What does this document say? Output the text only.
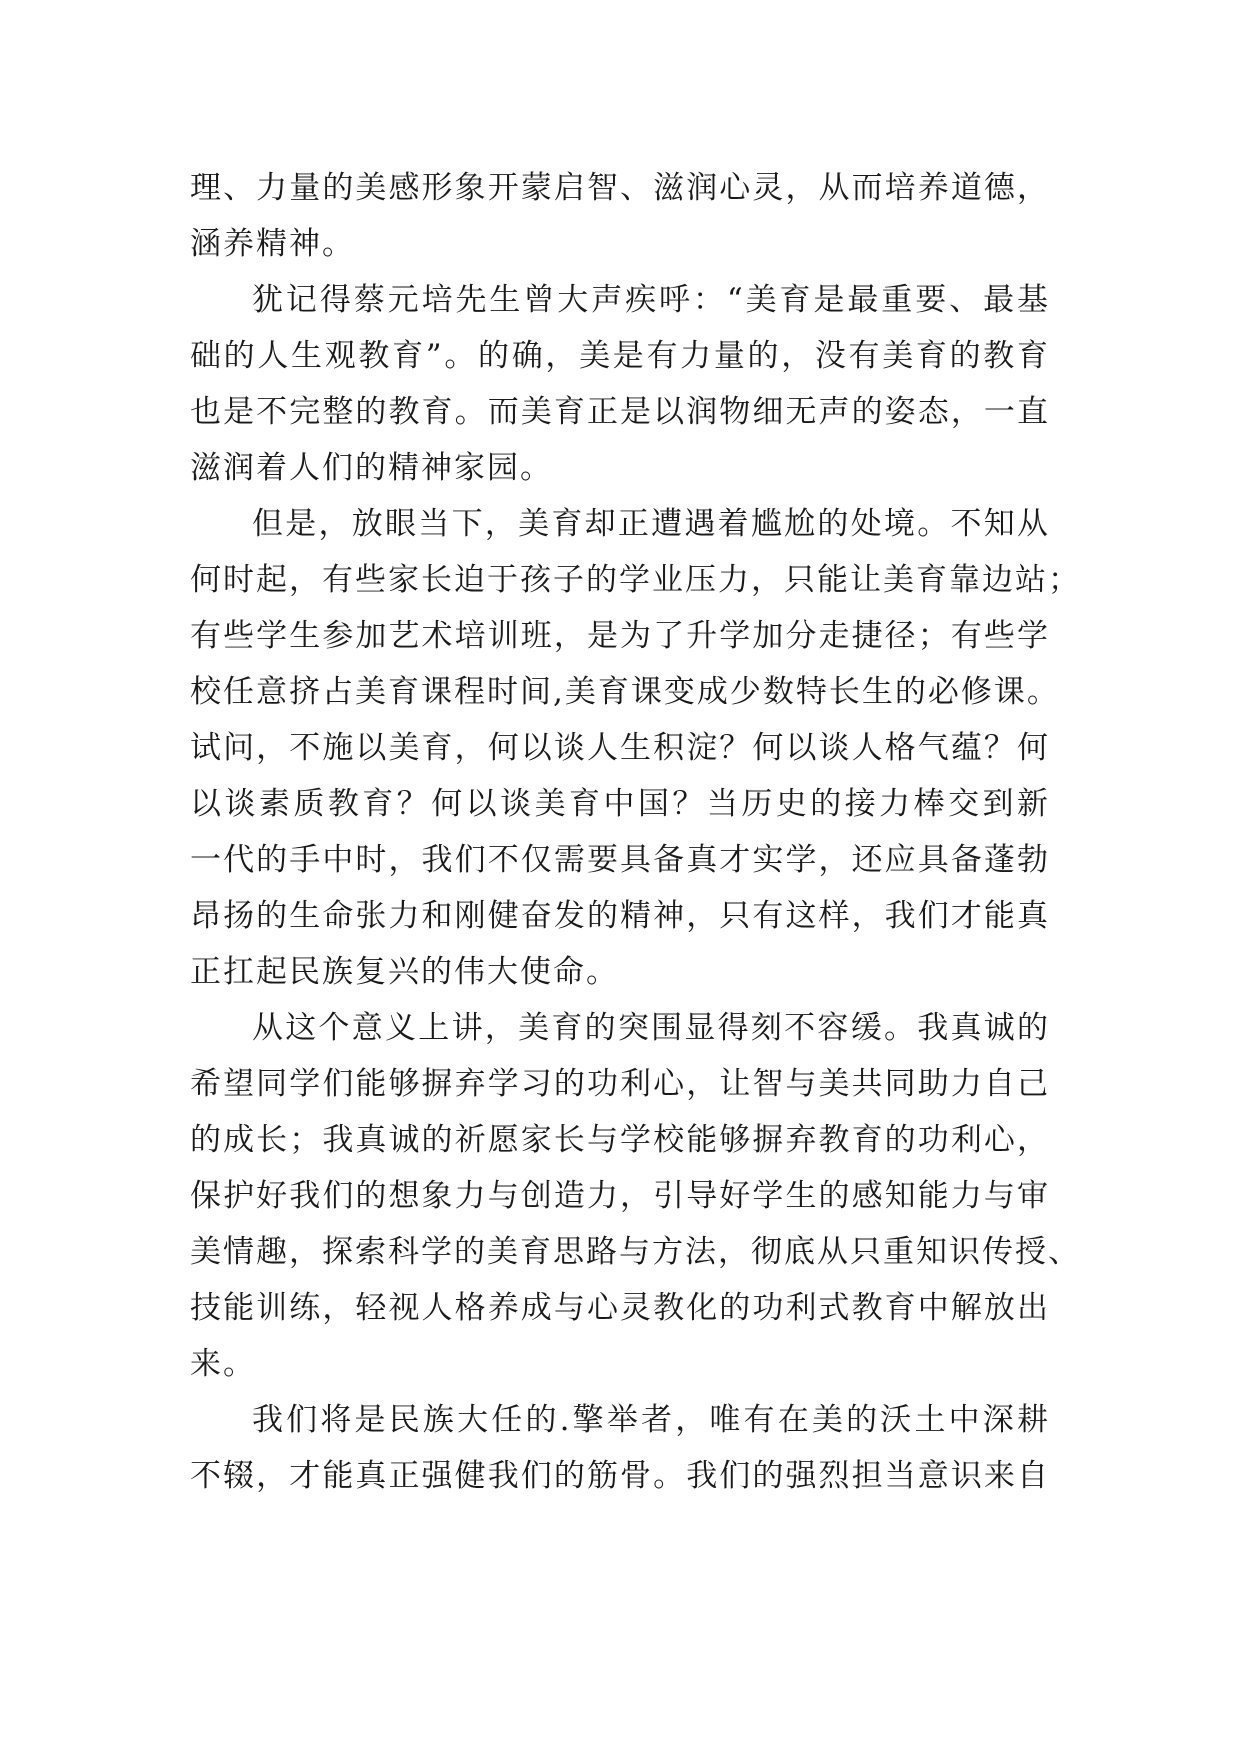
理、力量的美感形象开蒙启智、滋润心灵，从而培养道德，
涵养精神。
犹记得蔡元培先生曾大声疾呼：“美育是最重要、最基
础的人生观教育”。的确，美是有力量的，没有美育的教育
也是不完整的教育。而美育正是以润物细无声的姿态，一直
滋润着人们的精神家园。
但是，放眼当下，美育却正遭遇着尴尬的处境。不知从
何时起，有些家长迫于孩子的学业压力，只能让美育靠边站；
有些学生参加艺术培训班，是为了升学加分走捷径；有些学
校任意挤占美育课程时间,美育课变成少数特长生的必修课。
试问，不施以美育，何以谈人生积淀？何以谈人格气蕴？何
以谈素质教育？何以谈美育中国？当历史的接力棒交到新
一代的手中时，我们不仅需要具备真才实学，还应具备蓬勃
昂扬的生命张力和刚健奋发的精神，只有这样，我们才能真
正扛起民族复兴的伟大使命。
从这个意义上讲，美育的突围显得刻不容缓。我真诚的
希望同学们能够摒弃学习的功利心，让智与美共同助力自己
的成长；我真诚的祈愿家长与学校能够摒弃教育的功利心，
保护好我们的想象力与创造力，引导好学生的感知能力与审
美情趣，探索科学的美育思路与方法，彻底从只重知识传授、
技能训练，轻视人格养成与心灵教化的功利式教育中解放出
来。
我们将是民族大任的.擎举者，唯有在美的沃土中深耕
不辍，才能真正强健我们的筋骨。我们的强烈担当意识来自
